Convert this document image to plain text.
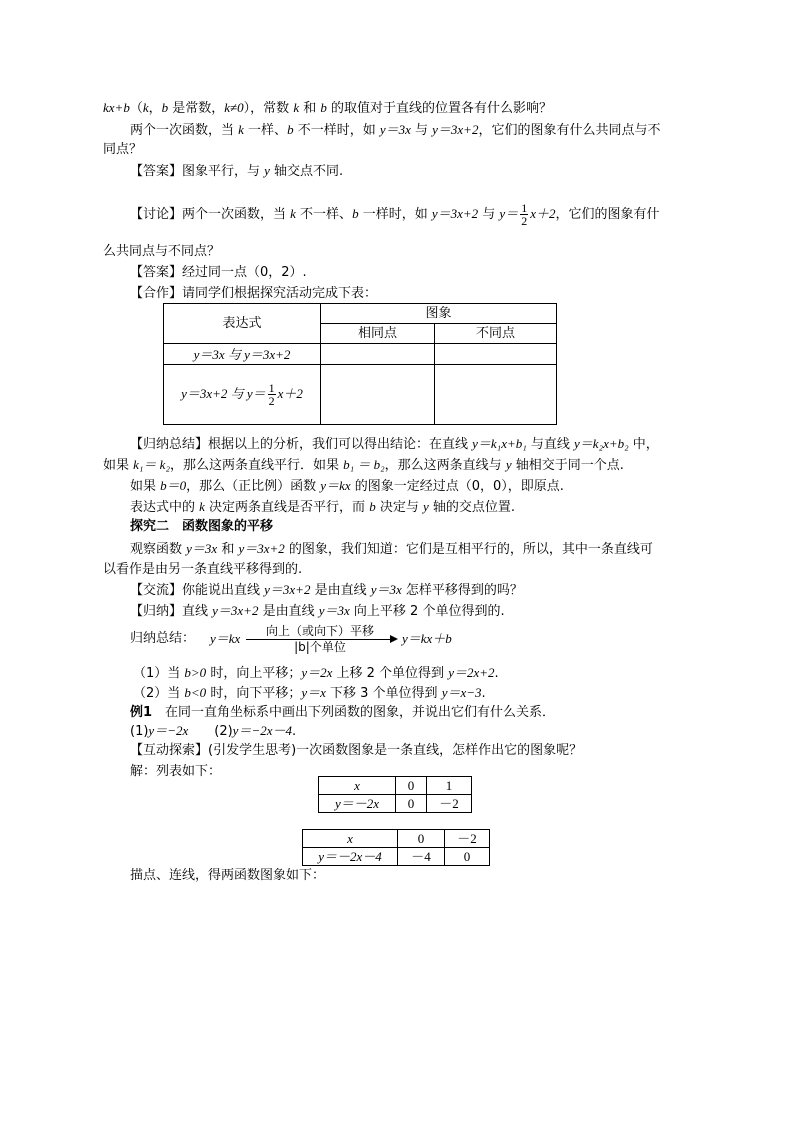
kx+b（k，b 是常数，k≠0），常数 k 和 b 的取值对于直线的位置各有什么影响？
两个一次函数，当 k 一样、b 不一样时，如 y＝3x 与 y＝3x+2，它们的图象有什么共同点与不
同点？
【答案】图象平行，与 y 轴交点不同.
【讨论】两个一次函数，当 k 不一样、b 一样时，如 y＝3x+2 与 $y= \frac{1}{2} x+2$，它们的图象有什
么共同点与不同点？
【答案】经过同一点（0，2）.
【合作】请同学们根据探究活动完成下表：
表达式	图象	
	相同点	不同点
y＝3x 与 y＝3x+2		
y＝3x+2 与 $y= \frac{1}{2} x+2$		
【归纳总结】根据以上的分析，我们可以得出结论：在直线 y＝k₁x+b₁ 与直线 y＝k₂x+b₂ 中，
如果 k₁＝ k₂，那么这两条直线平行．如果 b₁ ＝ b₂，那么这两条直线与 y 轴相交于同一个点.
如果 b＝0，那么（正比例）函数 y＝kx 的图象一定经过点（0，0），即原点.
表达式中的 k 决定两条直线是否平行，而 b 决定与 y 轴的交点位置.
探究二　函数图象的平移
观察函数 y＝3x 和 y＝3x+2 的图象，我们知道：它们是互相平行的，所以，其中一条直线可
以看作是由另一条直线平移得到的.
【交流】你能说出直线 y＝3x+2 是由直线 y＝3x 怎样平移得到的吗？
【归纳】直线 y＝3x+2 是由直线 y＝3x 向上平移 2 个单位得到的.
归纳总结： y＝kx	向上（或向下）平移
|b|个单位
y＝kx＋b
（1）当 b>0 时，向上平移；y＝2x 上移 2 个单位得到 y＝2x+2.
（2）当 b<0 时，向下平移；y＝x 下移 3 个单位得到 y＝x−3.
例1　在同一直角坐标系中画出下列函数的图象，并说出它们有什么关系．
(1)y＝−2x　　(2)y＝−2x－4.
【互动探索】(引发学生思考)一次函数图象是一条直线，怎样作出它的图象呢？
解：列表如下：
x	0	1
y＝－2x	0	－2
x	0	－2
y＝－2x－4	－4	0
描点、连线，得两函数图象如下：
